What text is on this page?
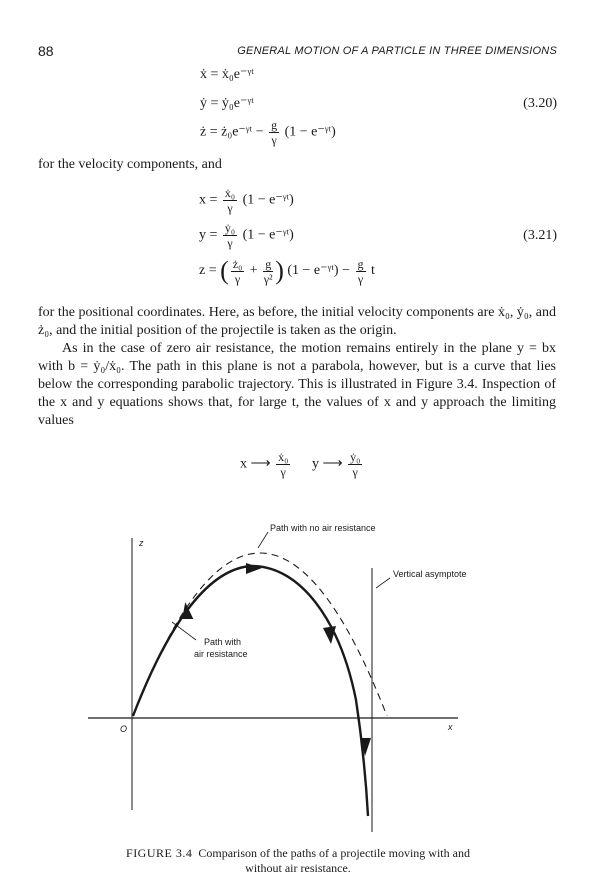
88	GENERAL MOTION OF A PARTICLE IN THREE DIMENSIONS
ẋ = ẋ₀e⁻ᵞᵗ
ẏ = ẏ₀e⁻ᵞᵗ
ż = ż₀e⁻ᵞᵗ − $\frac{g}{\gamma} (1$ − e⁻ᵞᵗ)
(3.20)
for the velocity components, and
$x = \frac{\text{ẋ₀}}{\gamma} (1$ − e⁻ᵞᵗ)
$y = \frac{\text{ẏ₀}}{\gamma} (1$ − e⁻ᵞᵗ)
z = ( $\frac{\text{ż₀}}{\gamma} + \frac{g}{\text{γ²}}$ ) (1 − e⁻ᵞᵗ) − $\frac{g}{\gamma}$ t
(3.21)

for the positional coordinates. Here, as before, the initial velocity components are ẋ₀, ẏ₀, and ż₀, and the initial position of the projectile is taken as the origin.

As in the case of zero air resistance, the motion remains entirely in the plane y = bx with b = ẏ₀/ẋ₀. The path in this plane is not a parabola, however, but is a curve that lies below the corresponding parabolic trajectory. This is illustrated in Figure 3.4. Inspection of the x and y equations shows that, for large t, the values of x and y approach the limiting values

x ⟶ $\frac{\text{ẋ₀}}{\gamma}$ y ⟶ $\frac{\text{ẏ₀}}{\gamma}$
Path with no air resistance
Vertical asymptote
Path with
air resistance
z
x
O
FIGURE 3.4 Comparison of the paths of a projectile moving with and
without air resistance.
